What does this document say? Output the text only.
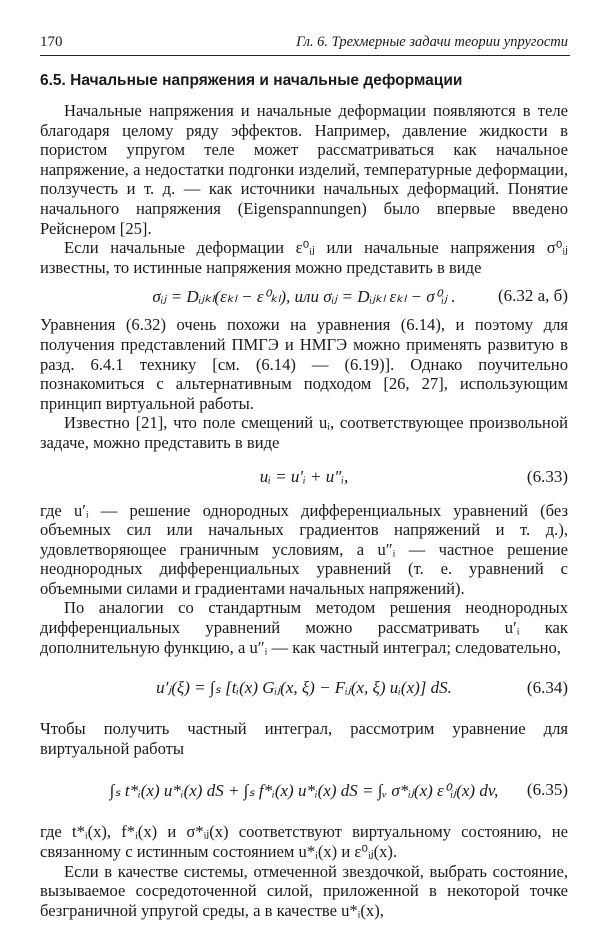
170	Гл. 6. Трехмерные задачи теории упругости
6.5. Начальные напряжения и начальные деформации

Начальные напряжения и начальные деформации появляются в теле благодаря целому ряду эффектов. Например, давление жидкости в пористом упругом теле может рассматриваться как начальное напряжение, а недостатки подгонки изделий, температурные деформации, ползучесть и т. д. — как источники начальных деформаций. Понятие начального напряжения (Eigenspannungen) было впервые введено Рейснером [25].

Если начальные деформации ε⁰ᵢⱼ или начальные напряжения σ⁰ᵢⱼ известны, то истинные напряжения можно представить в виде

σᵢⱼ = Dᵢⱼₖₗ(εₖₗ − ε⁰ₖₗ), или σᵢⱼ = Dᵢⱼₖₗ εₖₗ − σ⁰ᵢⱼ . (6.32 а, б)

Уравнения (6.32) очень похожи на уравнения (6.14), и поэтому для получения представлений ПМГЭ и НМГЭ можно применять развитую в разд. 6.4.1 технику [см. (6.14) — (6.19)]. Однако поучительно познакомиться с альтернативным подходом [26, 27], использующим принцип виртуальной работы.

Известно [21], что поле смещений uᵢ, соответствующее произвольной задаче, можно представить в виде

uᵢ = u′ᵢ + u″ᵢ,	(6.33)

где u′ᵢ — решение однородных дифференциальных уравнений (без объемных сил или начальных градиентов напряжений и т. д.), удовлетворяющее граничным условиям, а u″ᵢ — частное решение неоднородных дифференциальных уравнений (т. е. уравнений с объемными силами и градиентами начальных напряжений).

По аналогии со стандартным методом решения неоднородных дифференциальных уравнений можно рассматривать u′ᵢ как дополнительную функцию, а u″ᵢ — как частный интеграл; следовательно,

u′ⱼ(ξ) = ∫ₛ [tᵢ(x) Gᵢⱼ(x, ξ) − Fᵢⱼ(x, ξ) uᵢ(x)] dS.	(6.34)

Чтобы получить частный интеграл, рассмотрим уравнение для виртуальной работы

∫ₛ t*ᵢ(x) u*ᵢ(x) dS + ∫ₛ f*ᵢ(x) u*ᵢ(x) dS = ∫ᵥ σ*ᵢⱼ(x) ε⁰ᵢⱼ(x) dv, (6.35)

где t*ᵢ(x), f*ᵢ(x) и σ*ᵢⱼ(x) соответствуют виртуальному состоянию, не связанному с истинным состоянием u*ᵢ(x) и ε⁰ᵢⱼ(x).

Если в качестве системы, отмеченной звездочкой, выбрать состояние, вызываемое сосредоточенной силой, приложенной в некоторой точке безграничной упругой среды, а в качестве u*ᵢ(x),
